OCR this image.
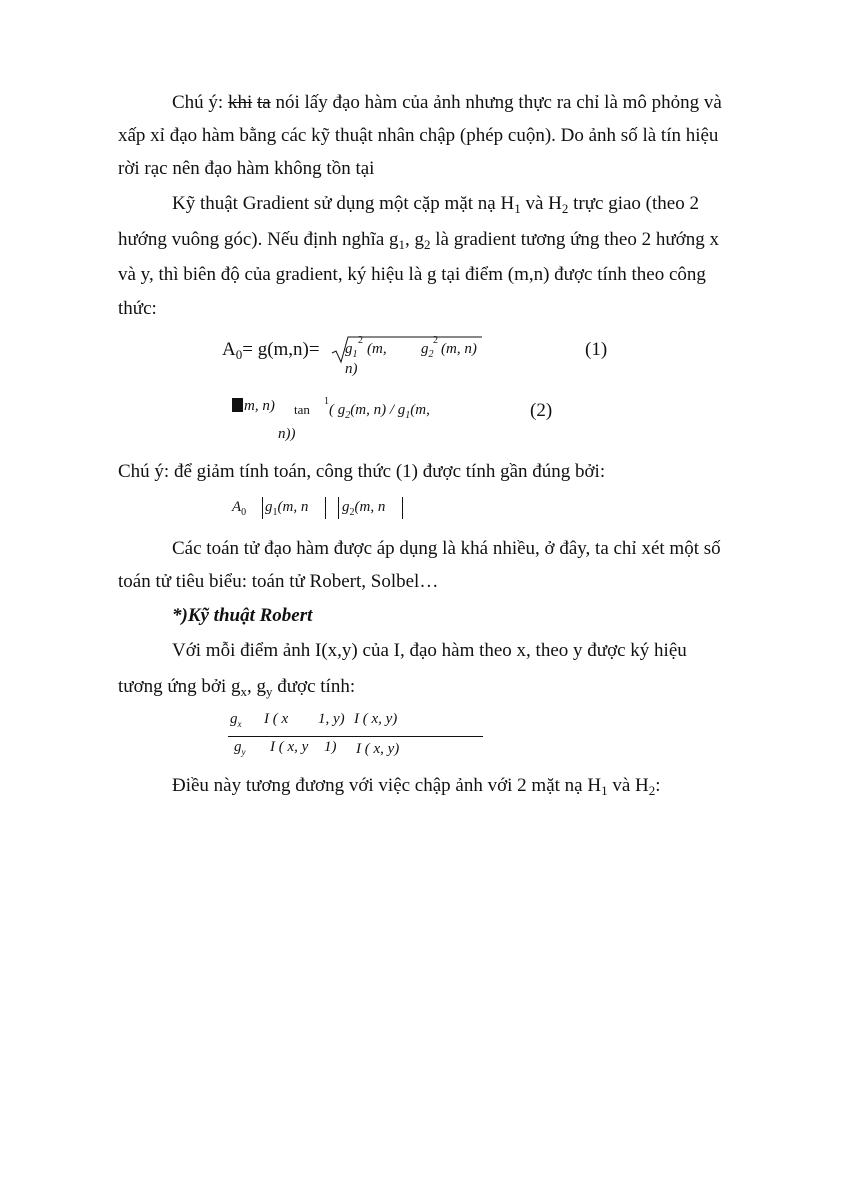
Chú ý: khi ta nói lấy đạo hàm của ảnh nhưng thực ra chỉ là mô phỏng và
xấp xỉ đạo hàm bằng các kỹ thuật nhân chập (phép cuộn). Do ảnh số là tín hiệu
rời rạc nên đạo hàm không tồn tại
Kỹ thuật Gradient sử dụng một cặp mặt nạ $H_1$ và $H_2$ trực giao (theo 2
hướng vuông góc). Nếu định nghĩa $g_1$, $g_2$ là gradient tương ứng theo 2 hướng x
và y, thì biên độ của gradient, ký hiệu là g tại điểm (m,n) được tính theo công
thức:
$A_0= g(m,n)= g_1$
2
(m, $g_2$
2
(m, n)
n)
(1)
m, n) tan
1
( $g_2(m$, $n) / g_1(m$,
n))
(2)
Chú ý: để giảm tính toán, công thức (1) được tính gần đúng bởi:
$A_0$ $g_1(m$, n $g_2(m$, n
Các toán tử đạo hàm được áp dụng là khá nhiều, ở đây, ta chỉ xét một số
toán tử tiêu biểu: toán tử Robert, Solbel…
*)Kỹ thuật Robert
Với mỗi điểm ảnh I(x,y) của I, đạo hàm theo x, theo y được ký hiệu
tương ứng bởi $g_x$, $g_y$ được tính:
$g_x$ I ( x 1, y) I ( x, y)
$g_y$ I ( x, y 1) I ( x, y)
Điều này tương đương với việc chập ảnh với 2 mặt nạ $H_1$ và $H_2$:
